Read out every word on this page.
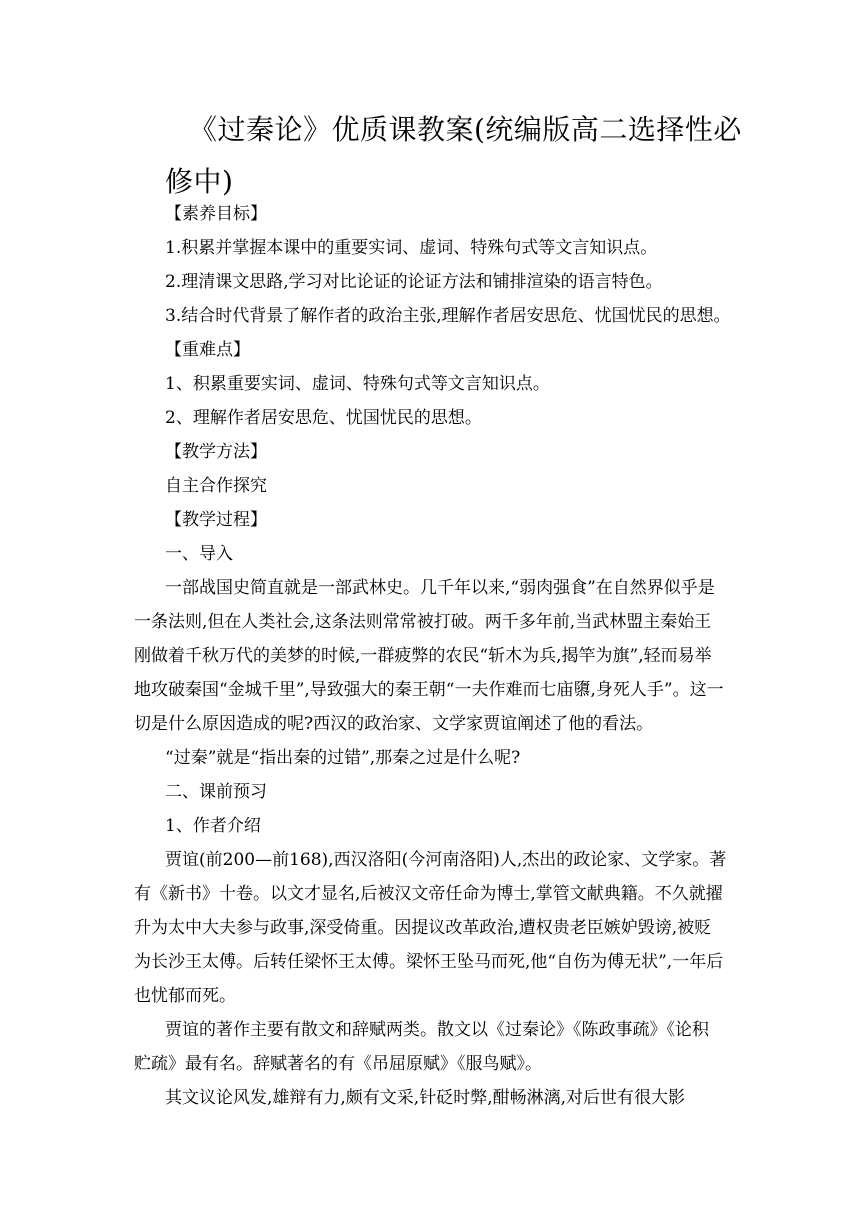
《过秦论》优质课教案(统编版高二选择性必修中)
【素养目标】
1.积累并掌握本课中的重要实词、虚词、特殊句式等文言知识点。
2.理清课文思路,学习对比论证的论证方法和铺排渲染的语言特色。
3.结合时代背景了解作者的政治主张,理解作者居安思危、忧国忧民的思想。
【重难点】
1、积累重要实词、虚词、特殊句式等文言知识点。
2、理解作者居安思危、忧国忧民的思想。
【教学方法】
自主合作探究
【教学过程】
一、导入
一部战国史简直就是一部武林史。几千年以来,“弱肉强食”在自然界似乎是
一条法则,但在人类社会,这条法则常常被打破。两千多年前,当武林盟主秦始王
刚做着千秋万代的美梦的时候,一群疲弊的农民“斩木为兵,揭竿为旗”,轻而易举
地攻破秦国“金城千里”,导致强大的秦王朝“一夫作难而七庙隳,身死人手”。这一
切是什么原因造成的呢?西汉的政治家、文学家贾谊阐述了他的看法。
“过秦”就是“指出秦的过错”,那秦之过是什么呢?
二、课前预习
1、作者介绍
贾谊(前200—前168),西汉洛阳(今河南洛阳)人,杰出的政论家、文学家。著
有《新书》十卷。以文才显名,后被汉文帝任命为博士,掌管文献典籍。不久就擢
升为太中大夫参与政事,深受倚重。因提议改革政治,遭权贵老臣嫉妒毁谤,被贬
为长沙王太傅。后转任梁怀王太傅。梁怀王坠马而死,他“自伤为傅无状”,一年后
也忧郁而死。
贾谊的著作主要有散文和辞赋两类。散文以《过秦论》《陈政事疏》《论积
贮疏》最有名。辞赋著名的有《吊屈原赋》《服鸟赋》。
其文议论风发,雄辩有力,颇有文采,针砭时弊,酣畅淋漓,对后世有很大影
